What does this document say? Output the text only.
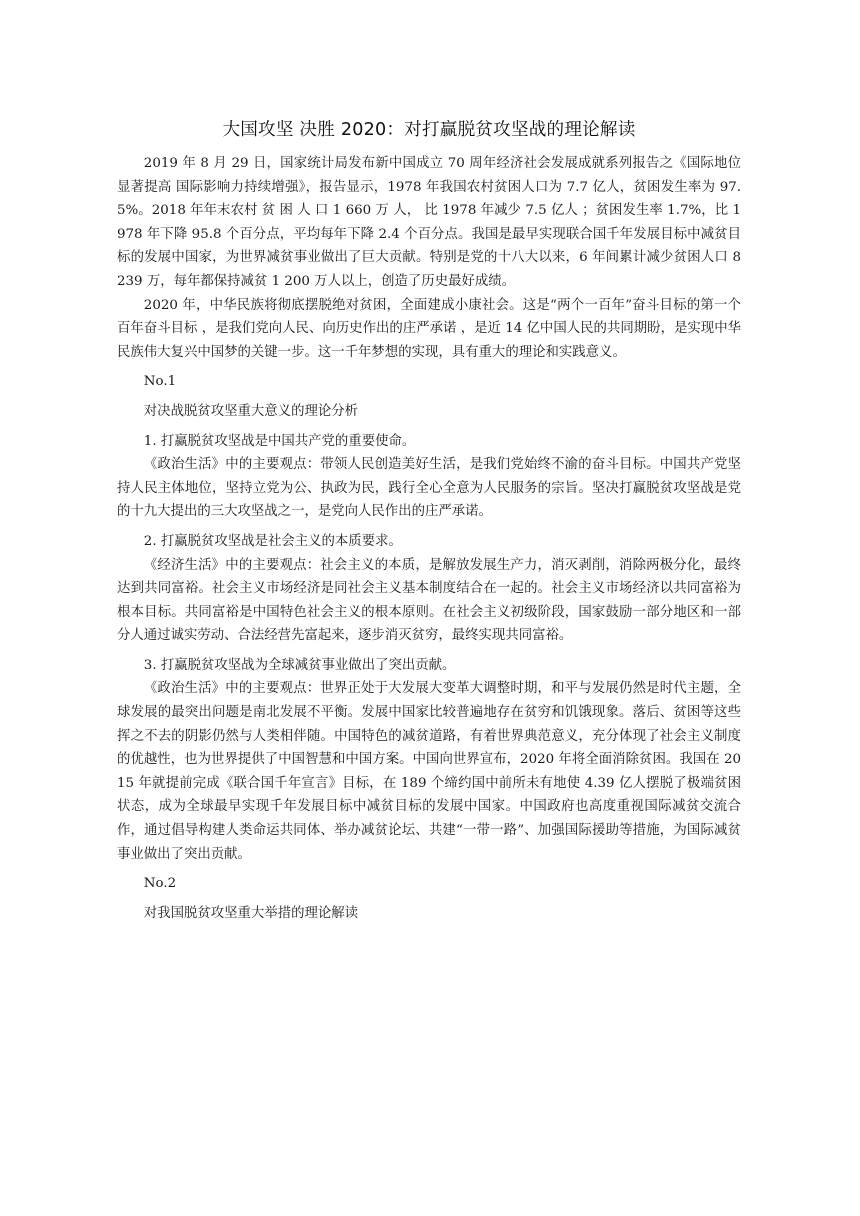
大国攻坚 决胜 2020：对打赢脱贫攻坚战的理论解读

2019 年 8 月 29 日，国家统计局发布新中国成立 70 周年经济社会发展成就系列报告之《国际地位显著提高 国际影响力持续增强》，报告显示，1978 年我国农村贫困人口为 7.7 亿人，贫困发生率为 97.5%。2018 年年末农村 贫 困 人 口 1 660 万 人， 比 1978 年减少 7.5 亿人 ；贫困发生率 1.7%，比 1978 年下降 95.8 个百分点，平均每年下降 2.4 个百分点。我国是最早实现联合国千年发展目标中减贫目标的发展中国家，为世界减贫事业做出了巨大贡献。特别是党的十八大以来，6 年间累计减少贫困人口 8 239 万，每年都保持减贫 1 200 万人以上，创造了历史最好成绩。

2020 年，中华民族将彻底摆脱绝对贫困，全面建成小康社会。这是“两个一百年”奋斗目标的第一个百年奋斗目标 ，是我们党向人民、向历史作出的庄严承诺 ，是近 14 亿中国人民的共同期盼，是实现中华民族伟大复兴中国梦的关键一步。这一千年梦想的实现，具有重大的理论和实践意义。

No.1

对决战脱贫攻坚重大意义的理论分析

1. 打赢脱贫攻坚战是中国共产党的重要使命。

《政治生活》中的主要观点：带领人民创造美好生活，是我们党始终不渝的奋斗目标。中国共产党坚持人民主体地位，坚持立党为公、执政为民，践行全心全意为人民服务的宗旨。坚决打赢脱贫攻坚战是党的十九大提出的三大攻坚战之一，是党向人民作出的庄严承诺。

2. 打赢脱贫攻坚战是社会主义的本质要求。

《经济生活》中的主要观点：社会主义的本质，是解放发展生产力，消灭剥削，消除两极分化，最终达到共同富裕。社会主义市场经济是同社会主义基本制度结合在一起的。社会主义市场经济以共同富裕为根本目标。共同富裕是中国特色社会主义的根本原则。在社会主义初级阶段，国家鼓励一部分地区和一部分人通过诚实劳动、合法经营先富起来，逐步消灭贫穷，最终实现共同富裕。

3. 打赢脱贫攻坚战为全球减贫事业做出了突出贡献。

《政治生活》中的主要观点：世界正处于大发展大变革大调整时期，和平与发展仍然是时代主题，全球发展的最突出问题是南北发展不平衡。发展中国家比较普遍地存在贫穷和饥饿现象。落后、贫困等这些挥之不去的阴影仍然与人类相伴随。中国特色的减贫道路，有着世界典范意义，充分体现了社会主义制度的优越性，也为世界提供了中国智慧和中国方案。中国向世界宣布，2020 年将全面消除贫困。我国在 2015 年就提前完成《联合国千年宣言》目标，在 189 个缔约国中前所未有地使 4.39 亿人摆脱了极端贫困状态，成为全球最早实现千年发展目标中减贫目标的发展中国家。中国政府也高度重视国际减贫交流合作，通过倡导构建人类命运共同体、举办减贫论坛、共建“一带一路”、加强国际援助等措施，为国际减贫事业做出了突出贡献。

No.2

对我国脱贫攻坚重大举措的理论解读
